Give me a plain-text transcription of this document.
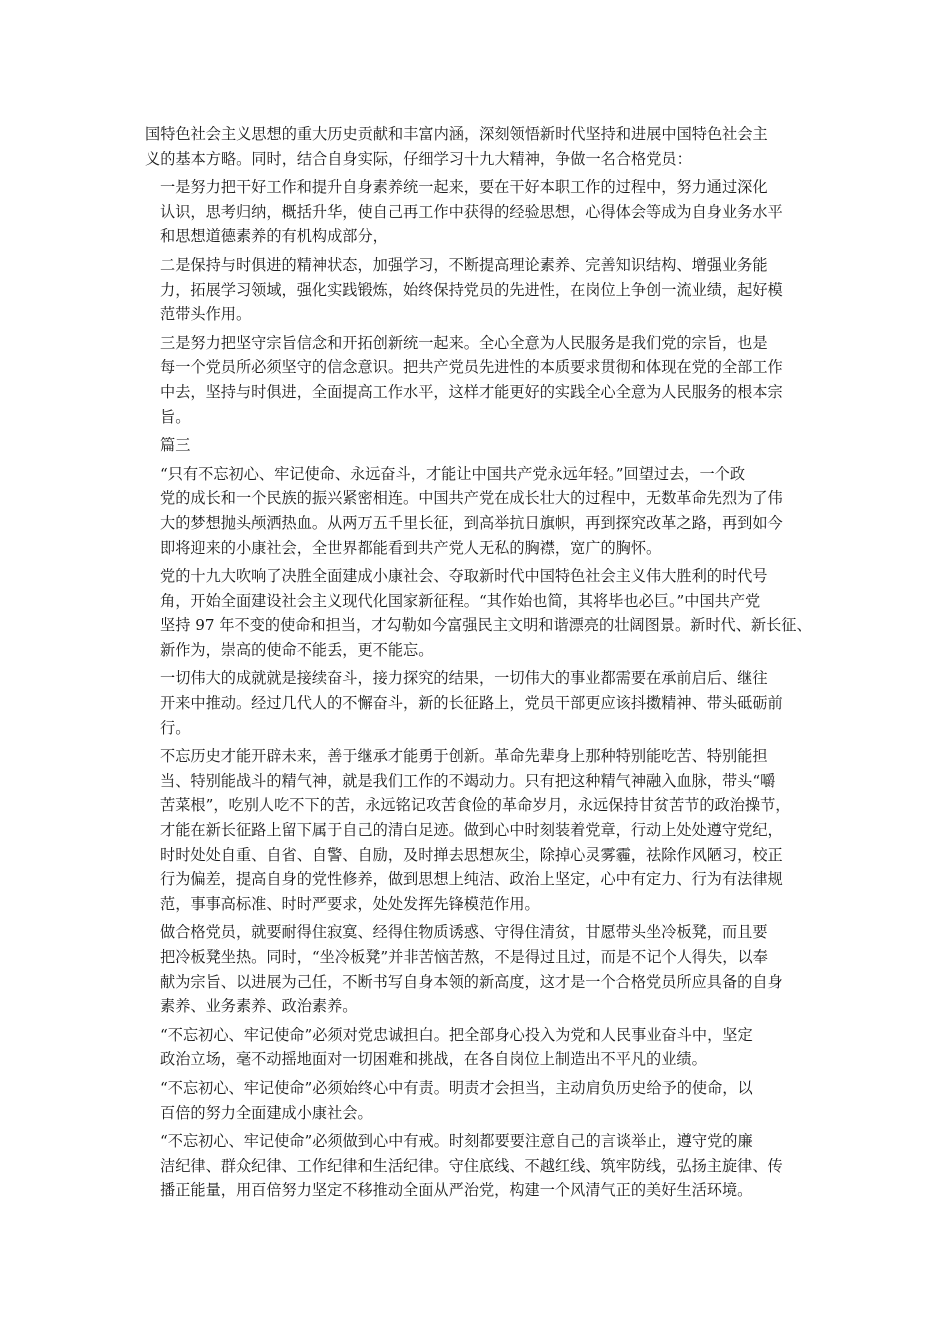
国特色社会主义思想的重大历史贡献和丰富内涵，深刻领悟新时代坚持和进展中国特色社会主
义的基本方略。同时，结合自身实际，仔细学习十九大精神，争做一名合格党员：
一是努力把干好工作和提升自身素养统一起来，要在干好本职工作的过程中，努力通过深化
认识，思考归纳，概括升华，使自己再工作中获得的经验思想，心得体会等成为自身业务水平
和思想道德素养的有机构成部分，
二是保持与时俱进的精神状态，加强学习，不断提高理论素养、完善知识结构、增强业务能
力，拓展学习领域，强化实践锻炼，始终保持党员的先进性，在岗位上争创一流业绩，起好模
范带头作用。
三是努力把坚守宗旨信念和开拓创新统一起来。全心全意为人民服务是我们党的宗旨，也是
每一个党员所必须坚守的信念意识。把共产党员先进性的本质要求贯彻和体现在党的全部工作
中去，坚持与时俱进，全面提高工作水平，这样才能更好的实践全心全意为人民服务的根本宗
旨。
篇三
“只有不忘初心、牢记使命、永远奋斗，才能让中国共产党永远年轻。”回望过去，一个政
党的成长和一个民族的振兴紧密相连。中国共产党在成长壮大的过程中，无数革命先烈为了伟
大的梦想抛头颅洒热血。从两万五千里长征，到高举抗日旗帜，再到探究改革之路，再到如今
即将迎来的小康社会，全世界都能看到共产党人无私的胸襟，宽广的胸怀。
党的十九大吹响了决胜全面建成小康社会、夺取新时代中国特色社会主义伟大胜利的时代号
角，开始全面建设社会主义现代化国家新征程。“其作始也简，其将毕也必巨。”中国共产党
坚持 97 年不变的使命和担当，才勾勒如今富强民主文明和谐漂亮的壮阔图景。新时代、新长征、
新作为，崇高的使命不能丢，更不能忘。
一切伟大的成就就是接续奋斗，接力探究的结果，一切伟大的事业都需要在承前启后、继往
开来中推动。经过几代人的不懈奋斗，新的长征路上，党员干部更应该抖擞精神、带头砥砺前
行。
不忘历史才能开辟未来，善于继承才能勇于创新。革命先辈身上那种特别能吃苦、特别能担
当、特别能战斗的精气神，就是我们工作的不竭动力。只有把这种精气神融入血脉，带头“嚼
苦菜根”，吃别人吃不下的苦，永远铭记攻苦食俭的革命岁月，永远保持甘贫苦节的政治操节，
才能在新长征路上留下属于自己的清白足迹。做到心中时刻装着党章，行动上处处遵守党纪，
时时处处自重、自省、自警、自励，及时掸去思想灰尘，除掉心灵雾霾，祛除作风陋习，校正
行为偏差，提高自身的党性修养，做到思想上纯洁、政治上坚定，心中有定力、行为有法律规
范，事事高标准、时时严要求，处处发挥先锋模范作用。
做合格党员，就要耐得住寂寞、经得住物质诱惑、守得住清贫，甘愿带头坐冷板凳，而且要
把冷板凳坐热。同时，“坐冷板凳”并非苦恼苦熬，不是得过且过，而是不记个人得失，以奉
献为宗旨、以进展为己任，不断书写自身本领的新高度，这才是一个合格党员所应具备的自身
素养、业务素养、政治素养。
“不忘初心、牢记使命”必须对党忠诚担白。把全部身心投入为党和人民事业奋斗中，坚定
政治立场，毫不动摇地面对一切困难和挑战，在各自岗位上制造出不平凡的业绩。
“不忘初心、牢记使命”必须始终心中有责。明责才会担当，主动肩负历史给予的使命，以
百倍的努力全面建成小康社会。
“不忘初心、牢记使命”必须做到心中有戒。时刻都要要注意自己的言谈举止，遵守党的廉
洁纪律、群众纪律、工作纪律和生活纪律。守住底线、不越红线、筑牢防线，弘扬主旋律、传
播正能量，用百倍努力坚定不移推动全面从严治党，构建一个风清气正的美好生活环境。
